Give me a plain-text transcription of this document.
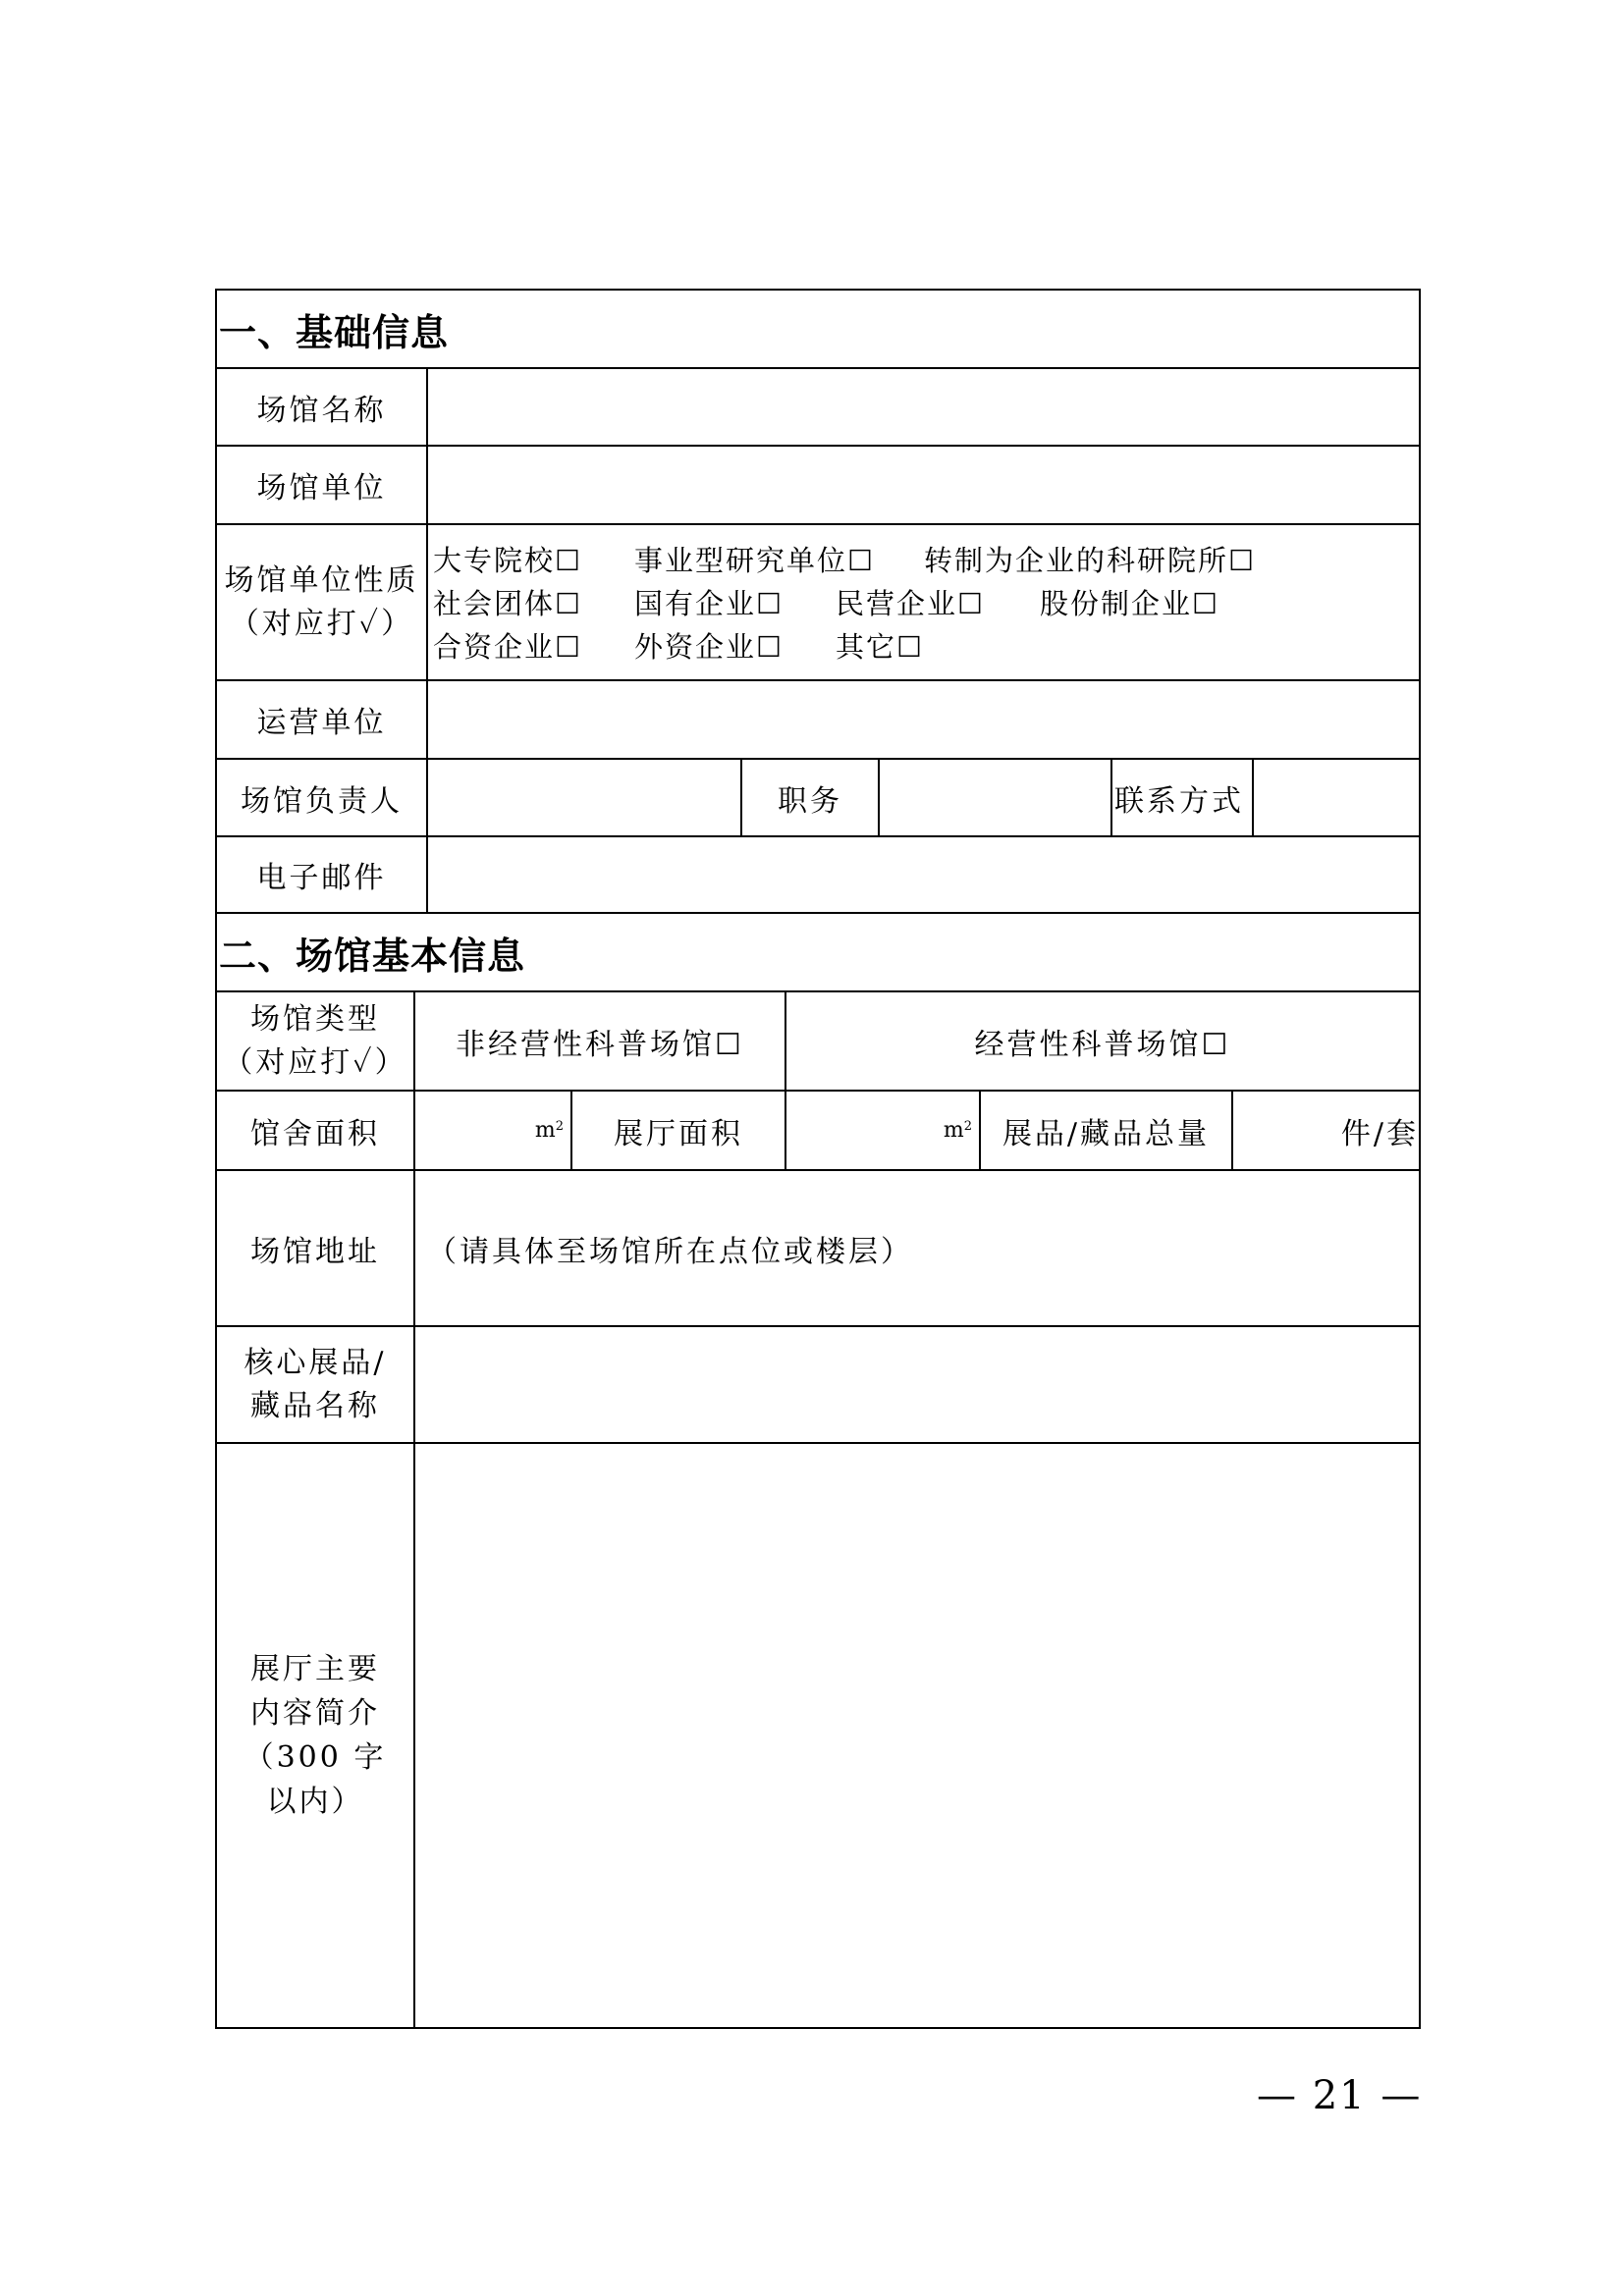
一、基础信息
场馆名称
场馆单位
场馆单位性质
（对应打✓）
大专院校☐ 事业型研究单位☐ 转制为企业的科研院所☐
社会团体☐ 国有企业☐ 民营企业☐ 股份制企业☐
合资企业☐ 外资企业☐ 其它☐
运营单位
场馆负责人	职务	联系方式
电子邮件
二、场馆基本信息
场馆类型
（对应打✓）
非经营性科普场馆☐	经营性科普场馆☐
馆舍面积	m 2	展厅面积	m 2 展品/藏品总量	件/套
场馆地址	（请具体至场馆所在点位或楼层）
核心展品/
藏品名称
展厅主要
内容简介
（300 字
以内）
— 21 —
